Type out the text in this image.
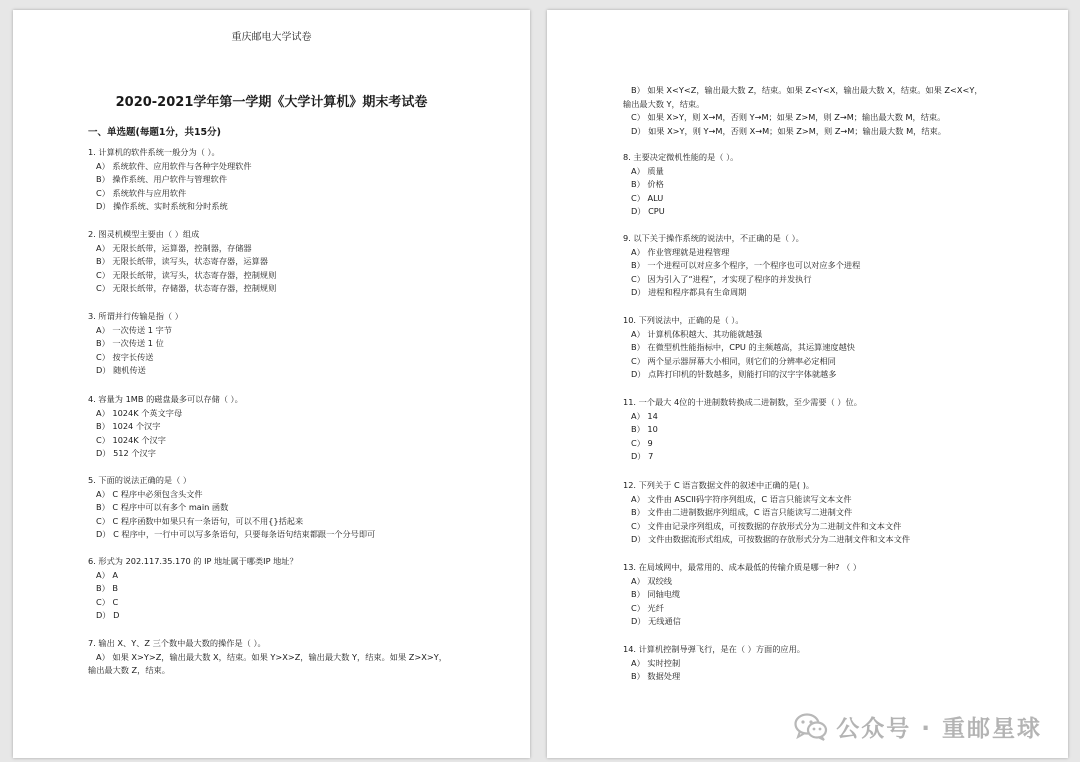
重庆邮电大学试卷
2020-2021学年第一学期《大学计算机》期末考试卷
一、单选题(每题1分，共15分)
1. 计算机的软件系统一般分为（ ）。
A） 系统软件、应用软件与各种字处理软件
B） 操作系统、用户软件与管理软件
C） 系统软件与应用软件
D） 操作系统、实时系统和分时系统
2. 图灵机模型主要由（ ）组成
A） 无限长纸带，运算器，控制器，存储器
B） 无限长纸带，读写头，状态寄存器，运算器
C） 无限长纸带，读写头，状态寄存器，控制规则
C） 无限长纸带，存储器，状态寄存器，控制规则
3. 所谓并行传输是指（ ）
A） 一次传送 1 字节
B） 一次传送 1 位
C） 按字长传送
D） 随机传送
4. 容量为 1MB 的磁盘最多可以存储（ ）。
A） 1024K 个英文字母
B） 1024 个汉字
C） 1024K 个汉字
D） 512 个汉字
5. 下面的说法正确的是（ ）
A） C 程序中必须包含头文件
B） C 程序中可以有多个 main 函数
C） C 程序函数中如果只有一条语句，可以不用{}括起来
D） C 程序中，一行中可以写多条语句，只要每条语句结束都跟一个分号即可
6. 形式为 202.117.35.170 的 IP 地址属于哪类IP 地址？
A） A
B） B
C） C
D） D
7. 输出 X、Y、Z 三个数中最大数的操作是（ ）。
A） 如果 X>Y>Z，输出最大数 X，结束。如果 Y>X>Z，输出最大数 Y，结束。如果 Z>X>Y，
输出最大数 Z，结束。
B） 如果 X<Y<Z，输出最大数 Z，结束。如果 Z<Y<X，输出最大数 X，结束。如果 Z<X<Y，
输出最大数 Y，结束。
C） 如果 X>Y，则 X→M，否则 Y→M；如果 Z>M，则 Z→M；输出最大数 M，结束。
D） 如果 X>Y，则 Y→M，否则 X→M；如果 Z>M，则 Z→M；输出最大数 M，结束。
8. 主要决定微机性能的是（ ）。
A） 质量
B） 价格
C） ALU
D） CPU
9. 以下关于操作系统的说法中，不正确的是（ ）。
A） 作业管理就是进程管理
B） 一个进程可以对应多个程序，一个程序也可以对应多个进程
C） 因为引入了“进程”，才实现了程序的并发执行
D） 进程和程序都具有生命周期
10. 下列说法中，正确的是（ ）。
A） 计算机体积越大、其功能就越强
B） 在微型机性能指标中，CPU 的主频越高，其运算速度越快
C） 两个显示器屏幕大小相同，则它们的分辨率必定相同
D） 点阵打印机的针数越多，则能打印的汉字字体就越多
11. 一个最大 4位的十进制数转换成二进制数，至少需要（ ）位。
A） 14
B） 10
C） 9
D） 7
12. 下列关于 C 语言数据文件的叙述中正确的是( )。
A） 文件由 ASCII码字符序列组成，C 语言只能读写文本文件
B） 文件由二进制数据序列组成，C 语言只能读写二进制文件
C） 文件由记录序列组成，可按数据的存放形式分为二进制文件和文本文件
D） 文件由数据流形式组成，可按数据的存放形式分为二进制文件和文本文件
13. 在局域网中，最常用的、成本最低的传输介质是哪一种? （ ）
A） 双绞线
B） 同轴电缆
C） 光纤
D） 无线通信
14. 计算机控制导弹飞行，是在（ ）方面的应用。
A） 实时控制
B） 数据处理
公众号 · 重邮星球
